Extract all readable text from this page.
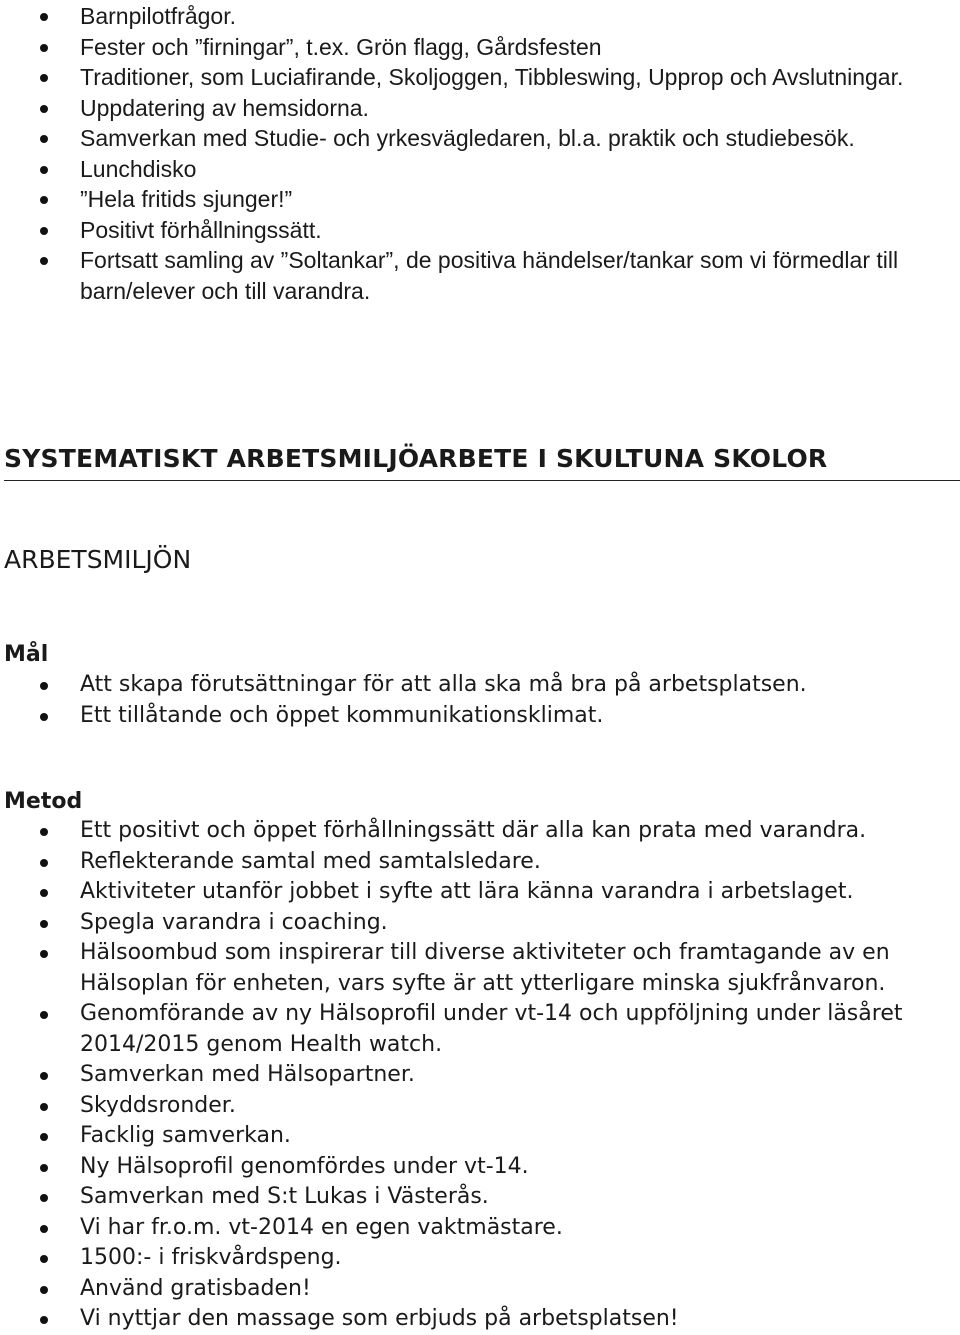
Barnpilotfrågor.
Fester och ”firningar”, t.ex. Grön flagg, Gårdsfesten
Traditioner, som Luciafirande, Skoljoggen, Tibbleswing, Upprop och Avslutningar.
Uppdatering av hemsidorna.
Samverkan med Studie- och yrkesvägledaren, bl.a. praktik och studiebesök.
Lunchdisko
”Hela fritids sjunger!”
Positivt förhållningssätt.
Fortsatt samling av ”Soltankar”, de positiva händelser/tankar som vi förmedlar till barn/elever och till varandra.
SYSTEMATISKT ARBETSMILJÖARBETE I SKULTUNA SKOLOR
ARBETSMILJÖN
Mål
Att skapa förutsättningar för att alla ska må bra på arbetsplatsen.
Ett tillåtande och öppet kommunikationsklimat.
Metod
Ett positivt och öppet förhållningssätt där alla kan prata med varandra.
Reflekterande samtal med samtalsledare.
Aktiviteter utanför jobbet i syfte att lära känna varandra i arbetslaget.
Spegla varandra i coaching.
Hälsoombud som inspirerar till diverse aktiviteter och framtagande av en Hälsoplan för enheten, vars syfte är att ytterligare minska sjukfrånvaron.
Genomförande av ny Hälsoprofil under vt-14 och uppföljning under läsåret 2014/2015 genom Health watch.
Samverkan med Hälsopartner.
Skyddsronder.
Facklig samverkan.
Ny Hälsoprofil genomfördes under vt-14.
Samverkan med S:t Lukas i Västerås.
Vi har fr.o.m. vt-2014 en egen vaktmästare.
1500:- i friskvårdspeng.
Använd gratisbaden!
Vi nyttjar den massage som erbjuds på arbetsplatsen!
